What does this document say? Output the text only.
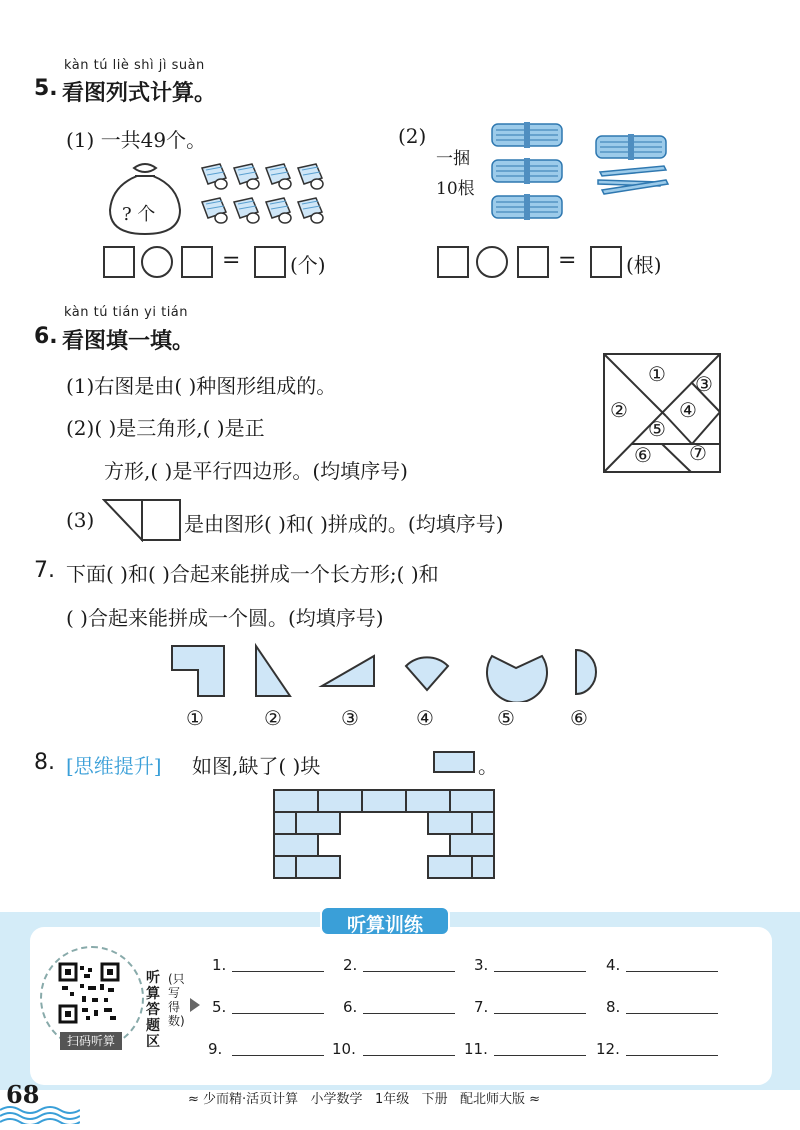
kàn tú liè shì jì suàn
5. 看图列式计算。
(1) 一共49个。
? 个
= (个)
(2)
一捆
10根
= (根)
kàn tú tián yi tián
6. 看图填一填。
(1)右图是由( )种图形组成的。
(2)( )是三角形,( )是正
方形,( )是平行四边形。(均填序号)
(3)	是由图形( )和( )拼成的。(均填序号)
①
②
③
④
⑤
⑥ ⑦
7. 下面( )和( )合起来能拼成一个长方形;( )和
( )合起来能拼成一个圆。(均填序号)
①	②	③	④	⑤	⑥
8. [思维提升] 如图,缺了( )块	。
听算训练
扫码听算
听算答题区
(只写得数)
1.	2.	3.	4.
5.	6.	7.	8.
9.	10.	11.	12.
68	≈ 少而精·活页计算   小学数学   1年级   下册   配北师大版 ≈
